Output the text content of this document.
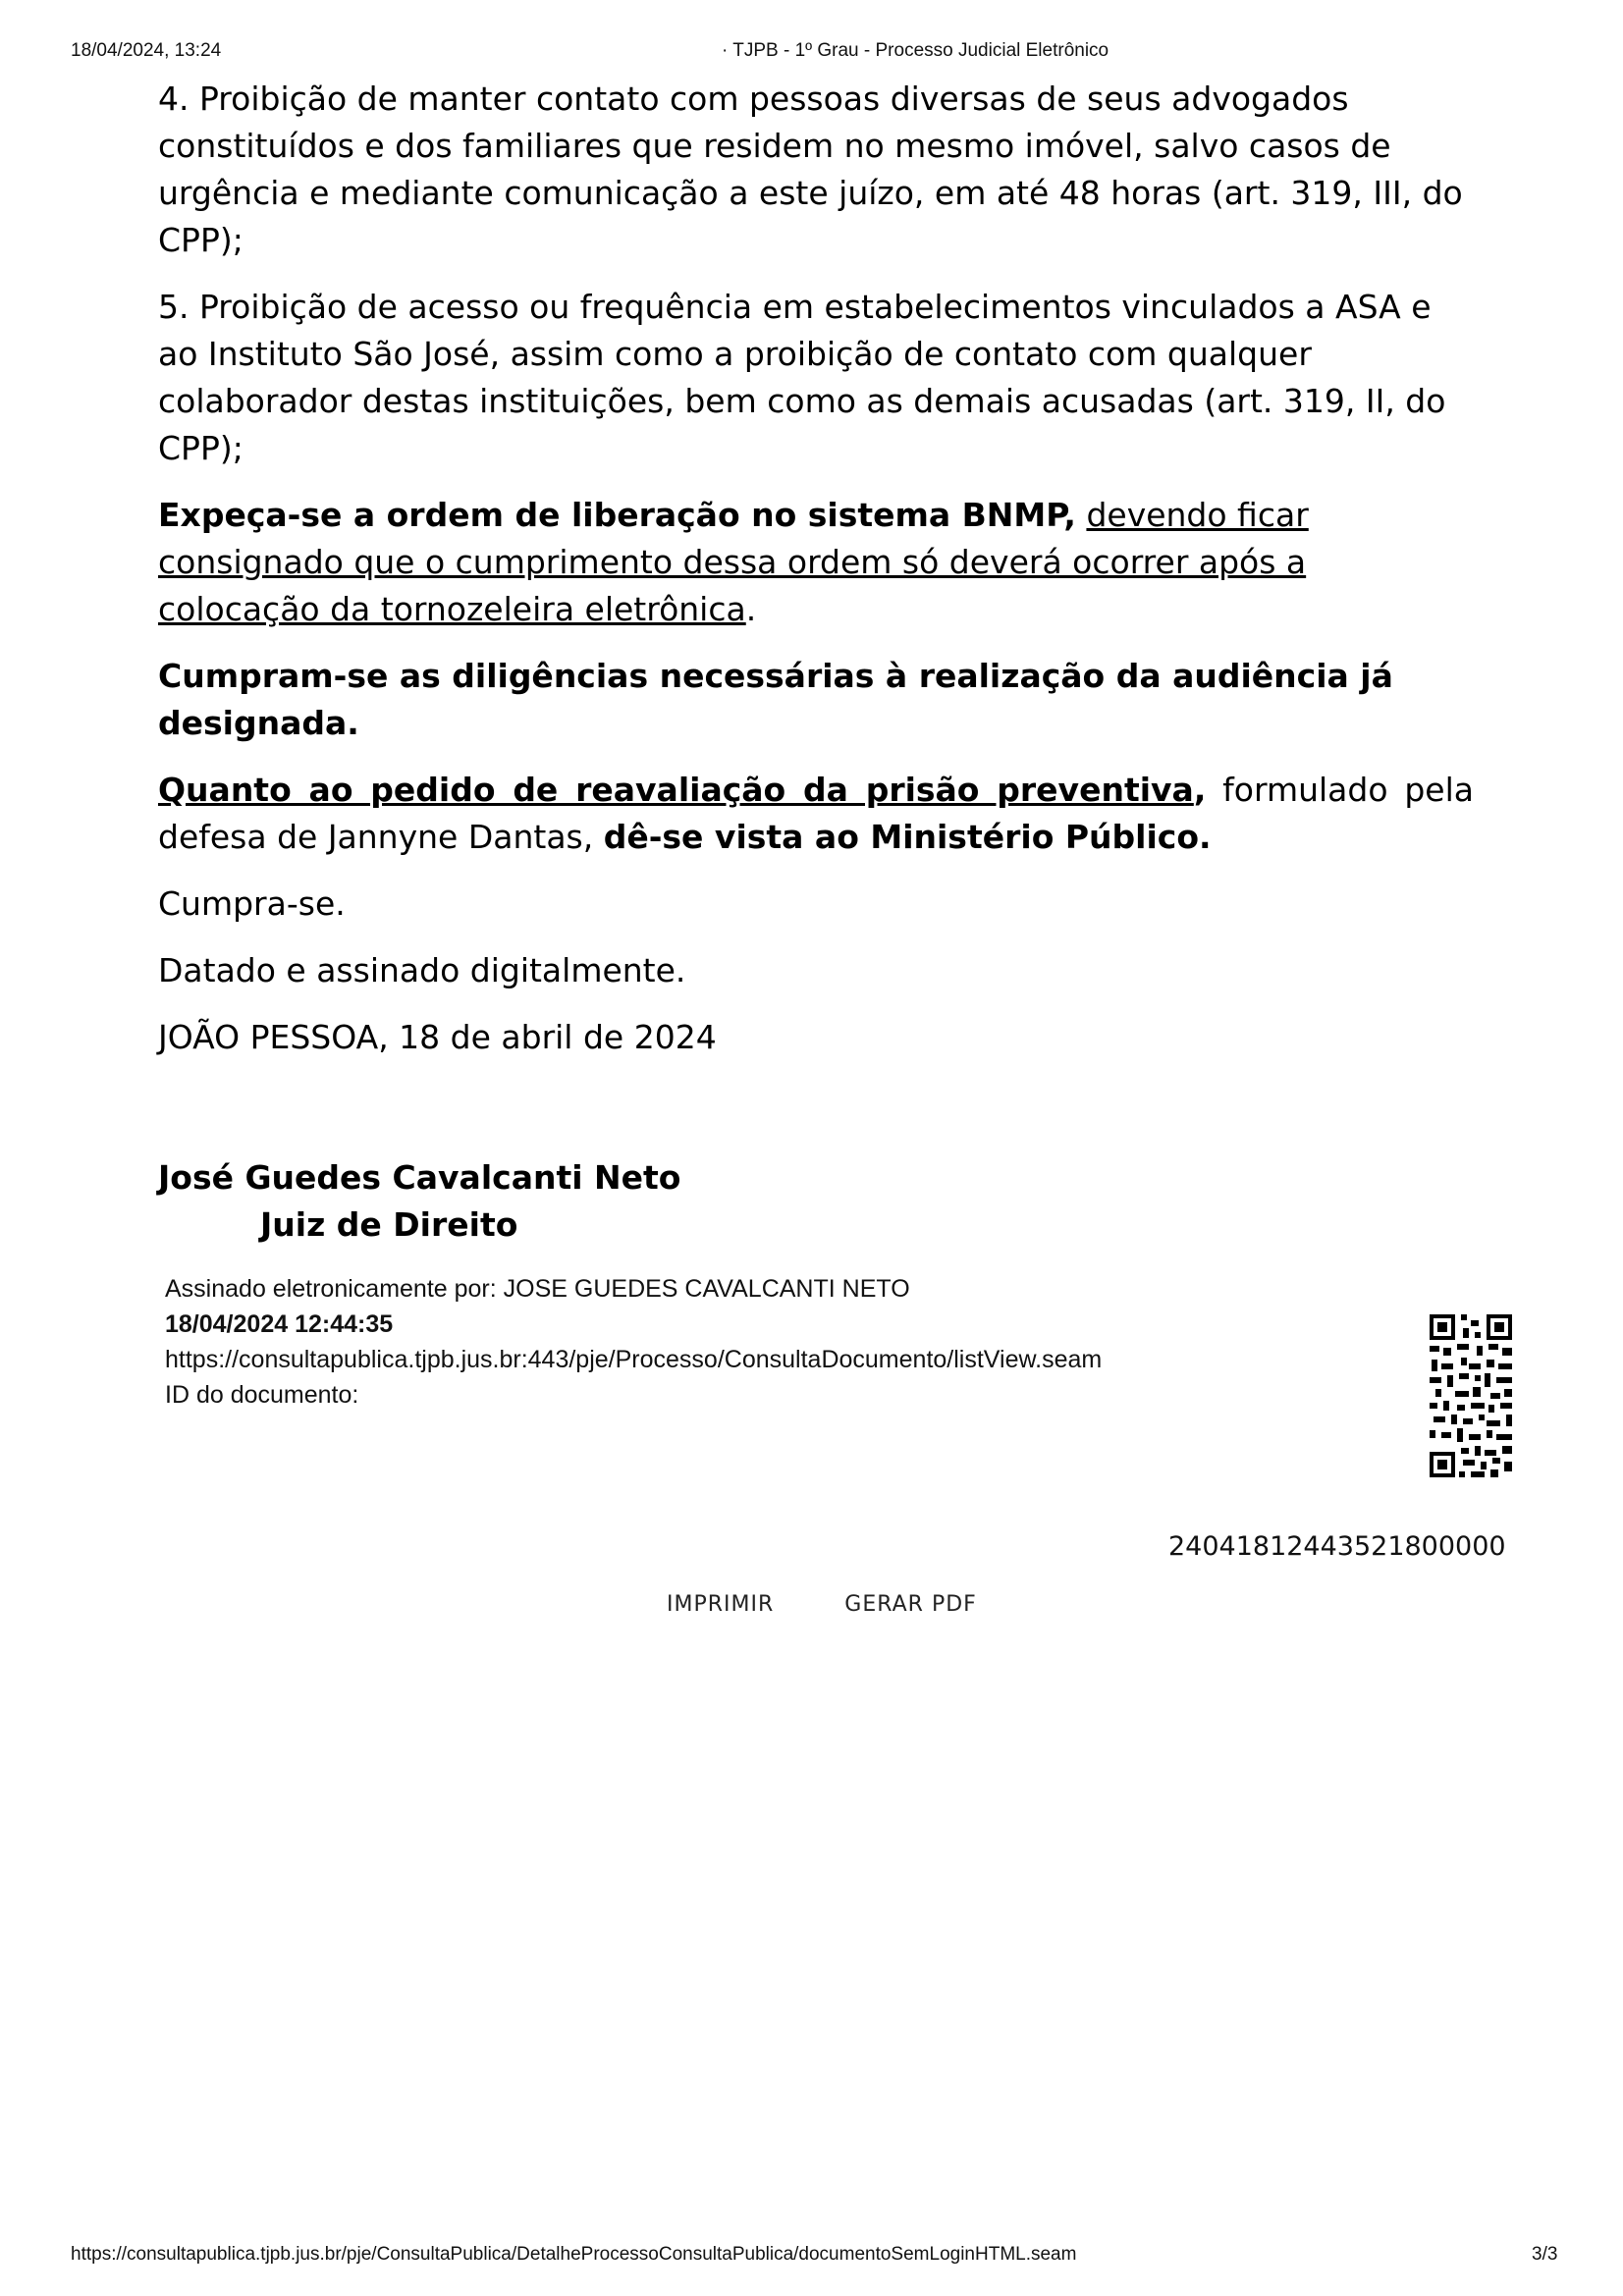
18/04/2024, 13:24	· TJPB - 1º Grau - Processo Judicial Eletrônico

4. Proibição de manter contato com pessoas diversas de seus advogados constituídos e dos familiares que residem no mesmo imóvel, salvo casos de urgência e mediante comunicação a este juízo, em até 48 horas (art. 319, III, do CPP);

5. Proibição de acesso ou frequência em estabelecimentos vinculados a ASA e ao Instituto São José, assim como a proibição de contato com qualquer colaborador destas instituições, bem como as demais acusadas (art. 319, II, do CPP);

Expeça-se a ordem de liberação no sistema BNMP, devendo ficar consignado que o cumprimento dessa ordem só deverá ocorrer após a colocação da tornozeleira eletrônica.

Cumpram-se as diligências necessárias à realização da audiência já designada.

Quanto ao pedido de reavaliação da prisão preventiva, formulado pela defesa de Jannyne Dantas, dê-se vista ao Ministério Público.

Cumpra-se.

Datado e assinado digitalmente.

JOÃO PESSOA, 18 de abril de 2024

José Guedes Cavalcanti Neto
Juiz de Direito
Assinado eletronicamente por: JOSE GUEDES CAVALCANTI NETO
18/04/2024 12:44:35
https://consultapublica.tjpb.jus.br:443/pje/Processo/ConsultaDocumento/listView.seam
ID do documento:
24041812443521800000
IMPRIMIR	GERAR PDF
https://consultapublica.tjpb.jus.br/pje/ConsultaPublica/DetalheProcessoConsultaPublica/documentoSemLoginHTML.seam	3/3
